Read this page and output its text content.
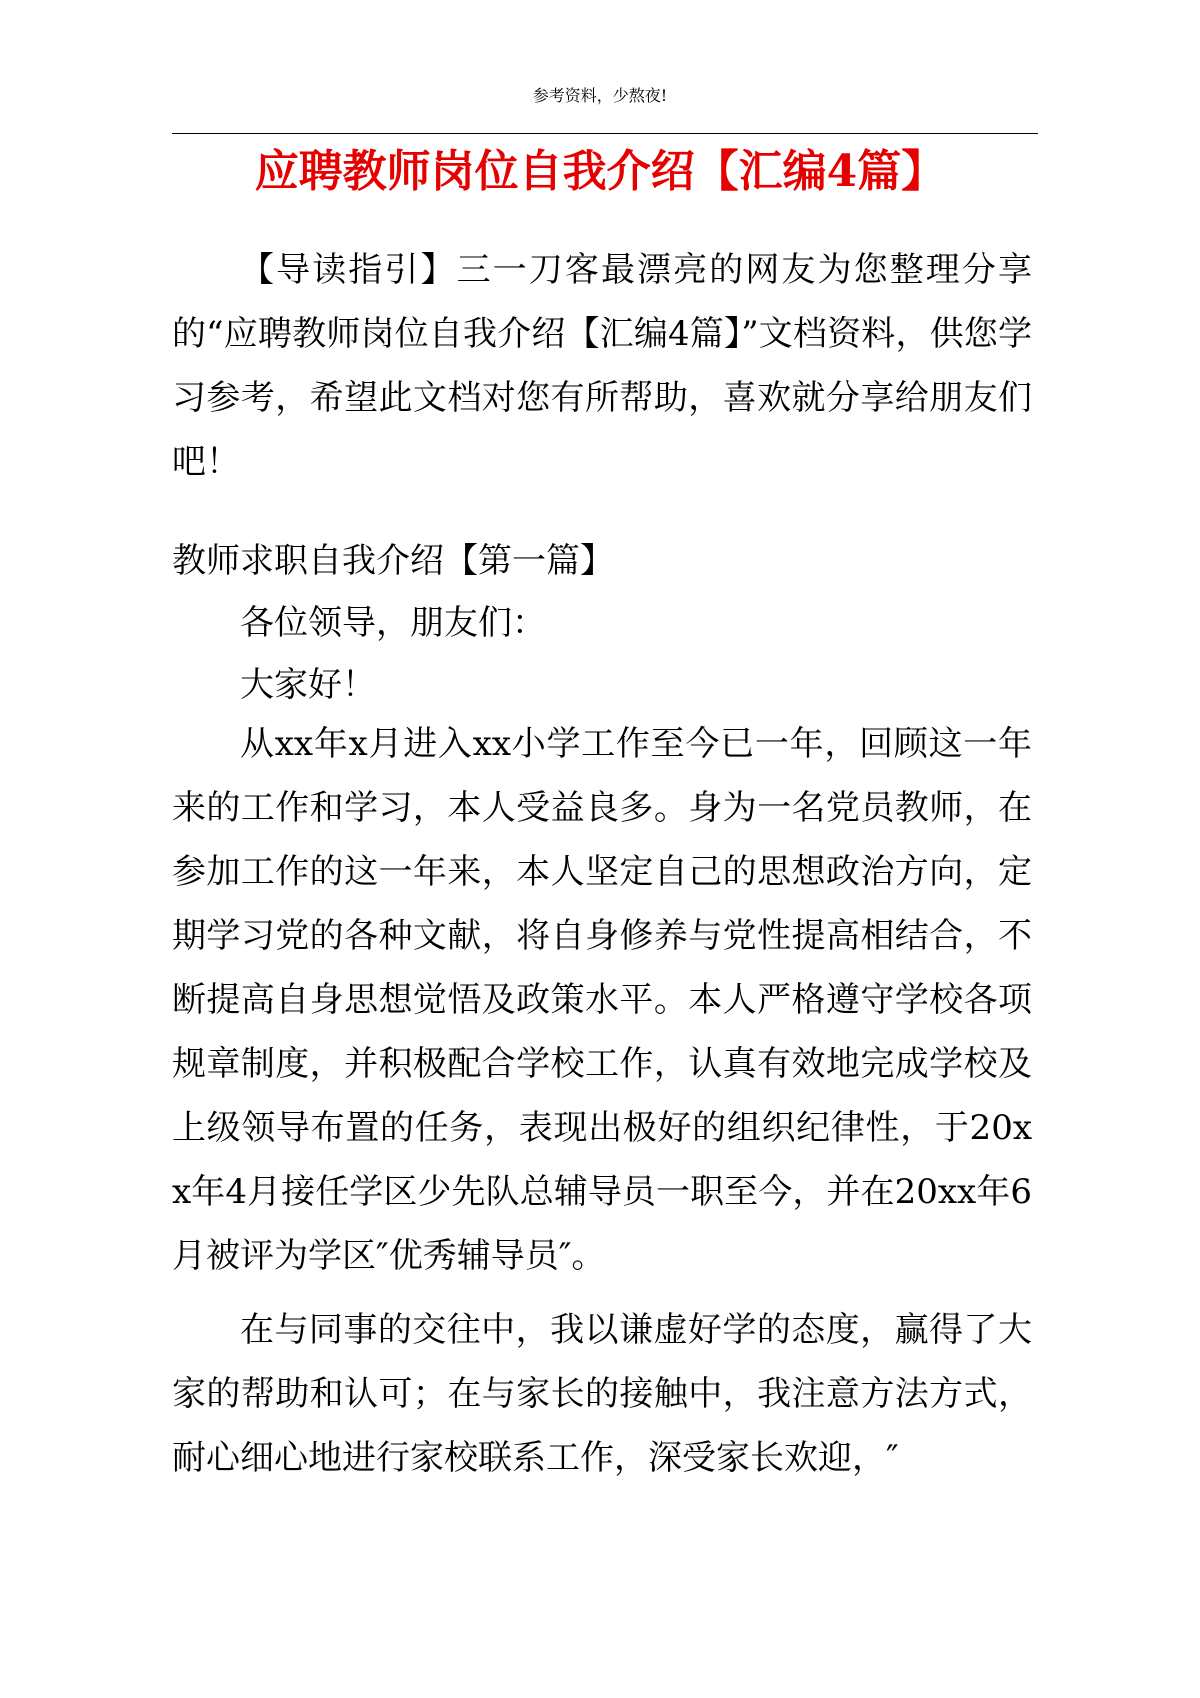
参考资料，少熬夜!
应聘教师岗位自我介绍【汇编4篇】

【导读指引】三一刀客最漂亮的网友为您整理分享的“应聘教师岗位自我介绍【汇编4篇】”文档资料，供您学习参考，希望此文档对您有所帮助，喜欢就分享给朋友们吧！

教师求职自我介绍【第一篇】

各位领导，朋友们：

大家好！

从xx年x月进入xx小学工作至今已一年，回顾这一年来的工作和学习，本人受益良多。身为一名党员教师，在参加工作的这一年来，本人坚定自己的思想政治方向，定期学习党的各种文献，将自身修养与党性提高相结合，不断提高自身思想觉悟及政策水平。本人严格遵守学校各项规章制度，并积极配合学校工作，认真有效地完成学校及上级领导布置的任务，表现出极好的组织纪律性，于20xx年4月接任学区少先队总辅导员一职至今，并在20xx年6月被评为学区″优秀辅导员″。

在与同事的交往中，我以谦虚好学的态度，赢得了大家的帮助和认可；在与家长的接触中，我注意方法方式，耐心细心地进行家校联系工作，深受家长欢迎，″
